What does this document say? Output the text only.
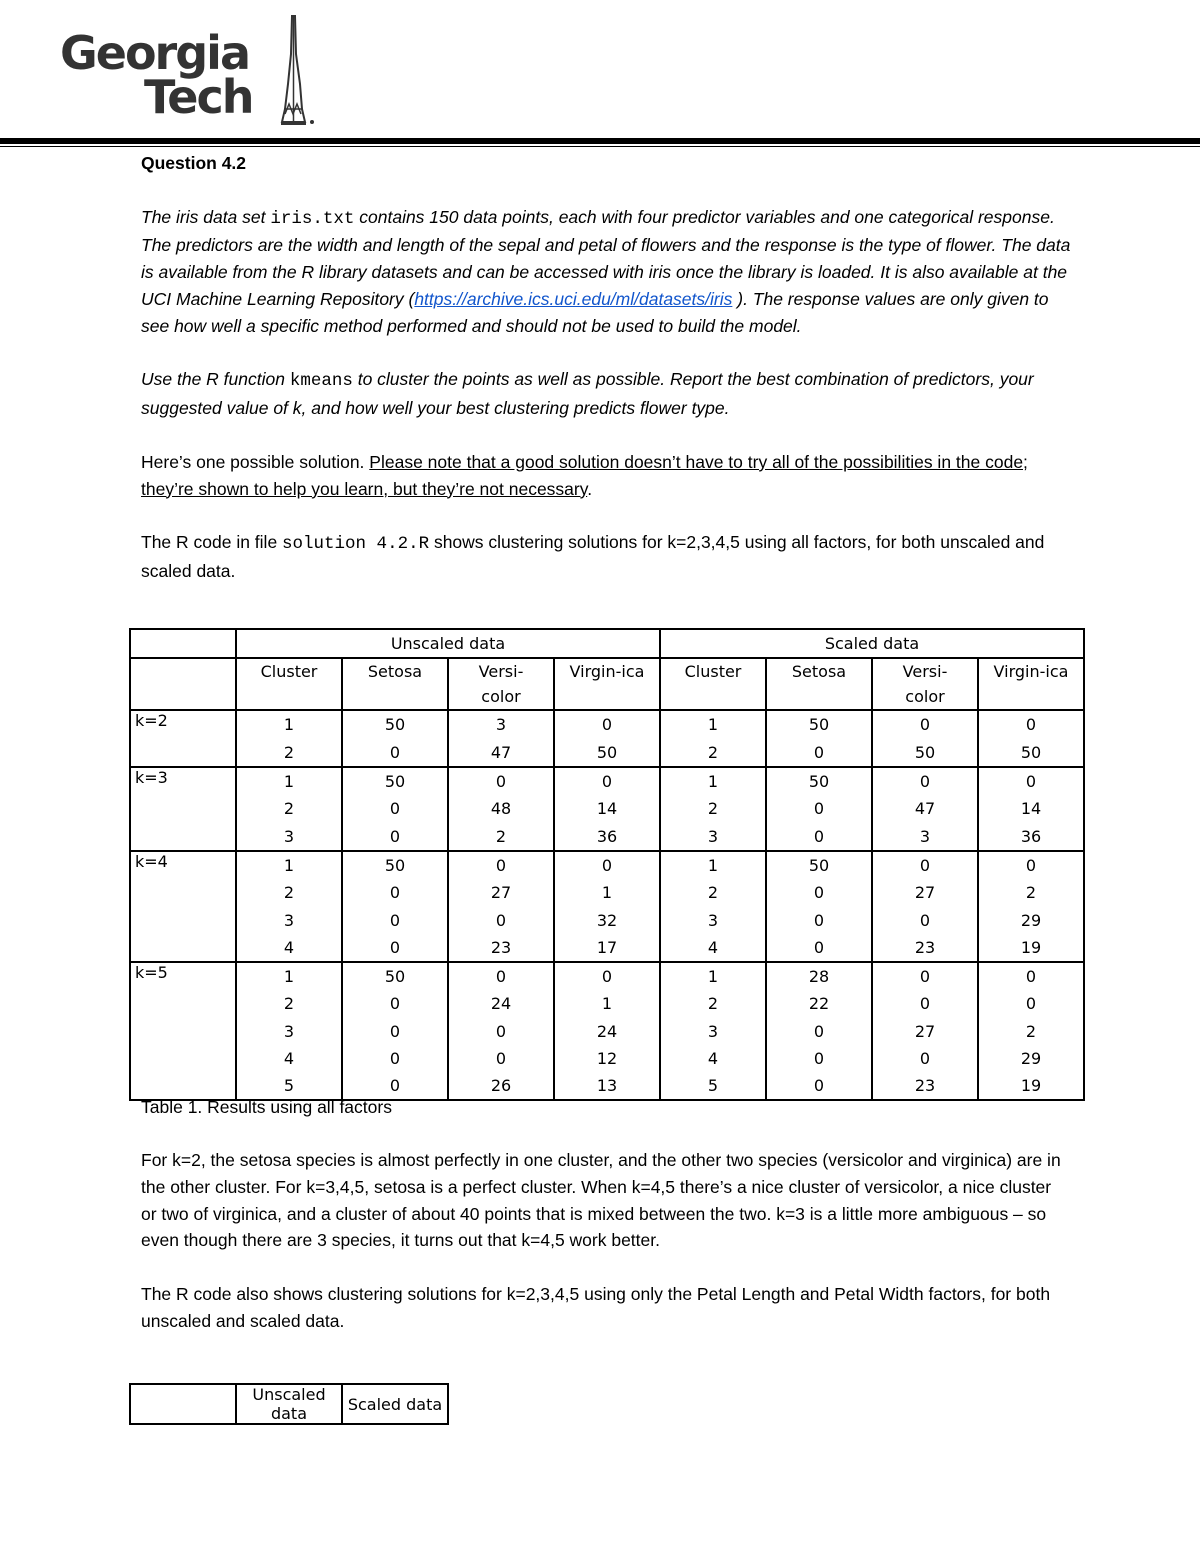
Georgia
Tech

Question 4.2

The iris data set iris.txt contains 150 data points, each with four predictor variables and one categorical response. The predictors are the width and length of the sepal and petal of flowers and the response is the type of flower. The data is available from the R library datasets and can be accessed with iris once the library is loaded. It is also available at the UCI Machine Learning Repository (https://archive.ics.uci.edu/ml/datasets/iris ). The response values are only given to see how well a specific method performed and should not be used to build the model.

Use the R function kmeans to cluster the points as well as possible. Report the best combination of predictors, your suggested value of k, and how well your best clustering predicts flower type.

Here’s one possible solution. Please note that a good solution doesn’t have to try all of the possibilities in the code; they’re shown to help you learn, but they’re not necessary.

The R code in file solution 4.2.R shows clustering solutions for k=2,3,4,5 using all factors, for both unscaled and scaled data.

	Unscaled data				Scaled data			
	Cluster	Setosa	Versi-
color	Virgin-ica	Cluster	Setosa	Versi-
color	Virgin-ica
k=2	1	50	3	0	1	50	0	0
	2	0	47	50	2	0	50	50
k=3	1	50	0	0	1	50	0	0
	2	0	48	14	2	0	47	14
	3	0	2	36	3	0	3	36
k=4	1	50	0	0	1	50	0	0
	2	0	27	1	2	0	27	2
	3	0	0	32	3	0	0	29
	4	0	23	17	4	0	23	19
k=5	1	50	0	0	1	28	0	0
	2	0	24	1	2	22	0	0
	3	0	0	24	3	0	27	2
	4	0	0	12	4	0	0	29
	5	0	26	13	5	0	23	19
Table 1. Results using all factors

For k=2, the setosa species is almost perfectly in one cluster, and the other two species (versicolor and virginica) are in the other cluster. For k=3,4,5, setosa is a perfect cluster. When k=4,5 there’s a nice cluster of versicolor, a nice cluster or two of virginica, and a cluster of about 40 points that is mixed between the two. k=3 is a little more ambiguous – so even though there are 3 species, it turns out that k=4,5 work better.

The R code also shows clustering solutions for k=2,3,4,5 using only the Petal Length and Petal Width factors, for both unscaled and scaled data.

	Unscaled data	Scaled data
